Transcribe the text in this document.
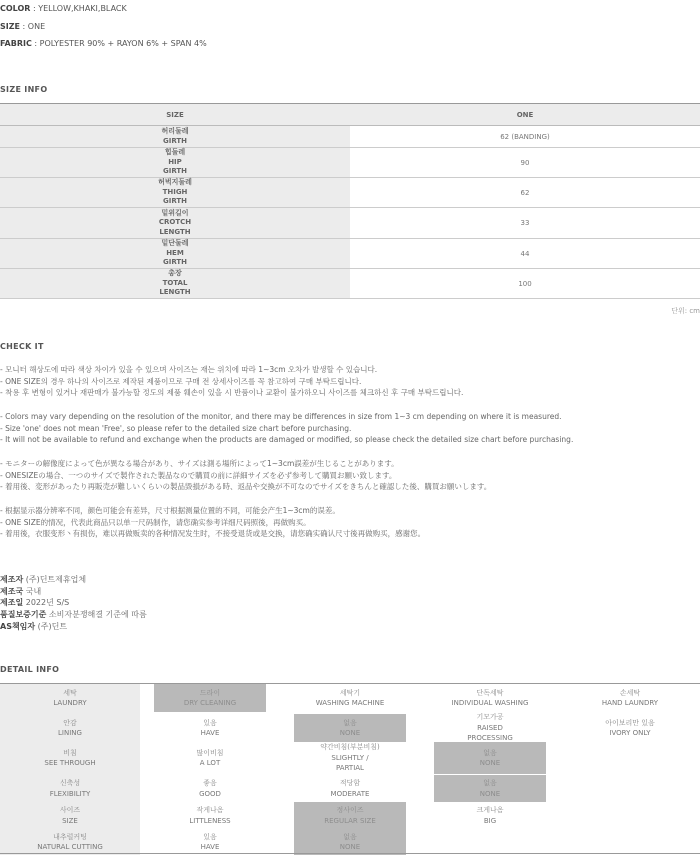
COLOR : YELLOW,KHAKI,BLACK
SIZE : ONE
FABRIC : POLYESTER 90% + RAYON 6% + SPAN 4%
SIZE INFO
SIZE	ONE
허리둘레
GIRTH	62 (BANDING)
힙둘레
HIP
GIRTH
90
허벅지둘레
THIGH
GIRTH
62
밑위길이
CROTCH
LENGTH
33
밑단둘레
HEM
GIRTH
44
총장
TOTAL
LENGTH
100
단위: cm
CHECK IT
- 모니터 해상도에 따라 색상 차이가 있을 수 있으며 사이즈는 재는 위치에 따라 1~3cm 오차가 발생할 수 있습니다.
- ONE SIZE의 경우 하나의 사이즈로 제작된 제품이므로 구매 전 상세사이즈를 꼭 참고하여 구매 부탁드립니다.
- 착용 후 변형이 있거나 재판매가 불가능할 정도의 제품 훼손이 있을 시 반품이나 교환이 불가하오니 사이즈를 체크하신 후 구매 부탁드립니다.
- Colors may vary depending on the resolution of the monitor, and there may be differences in size from 1~3 cm depending on where it is measured.
- Size 'one' does not mean 'Free', so please refer to the detailed size chart before purchasing.
- It will not be available to refund and exchange when the products are damaged or modified, so please check the detailed size chart before purchasing.
- モニターの解像度によって色が異なる場合があり、サイズは測る場所によって1~3cm誤差が生じることがあります。
- ONESIZEの場合、一つのサイズで製作された製品なので購買の前に詳細サイズを必ず参考して購買お願い致します。
- 着用後、変形があったり再販売が難しいくらいの製品毀損がある時、返品や交換が不可なのでサイズをきちんと確認した後、購買お願いします。
- 根据显示器分辨率不同，颜色可能会有差异，尺寸根据测量位置的不同，可能会产生1~3cm的误差。
- ONE SIZE的情况，代表此商品只以单一尺码制作，请您确实参考详细尺码照後，再做购买。
- 着用後，衣服变形丶有损伤，难以再做贩卖的各种情况发生时，不接受退货或是交换，请您确实确认尺寸後再做购买，感谢您。
제조자 (주)딘트제휴업체
제조국 국내
제조일 2022년 S/S
품질보증기준 소비자분쟁해결 기준에 따름
AS책임자 (주)딘트
DETAIL INFO
세탁
LAUNDRY
안감
LINING
비침
SEE THROUGH
신축성
FLEXIBILITY
사이즈
SIZE
내추럴커팅
NATURAL CUTTING
드라이
DRY CLEANING
있음
HAVE
많이비침
A LOT
좋음
GOOD
작게나옴
LITTLENESS
있음
HAVE
세탁기
WASHING MACHINE
없음
NONE
약간비침(부분비침)
SLIGHTLY /
PARTIAL
적당함
MODERATE
정사이즈
REGULAR SIZE
없음
NONE
단독세탁
INDIVIDUAL WASHING
기모가공
RAISED
PROCESSING
없음
NONE
없음
NONE
크게나옴
BIG
손세탁
HAND LAUNDRY
아이보리만 있음
IVORY ONLY
